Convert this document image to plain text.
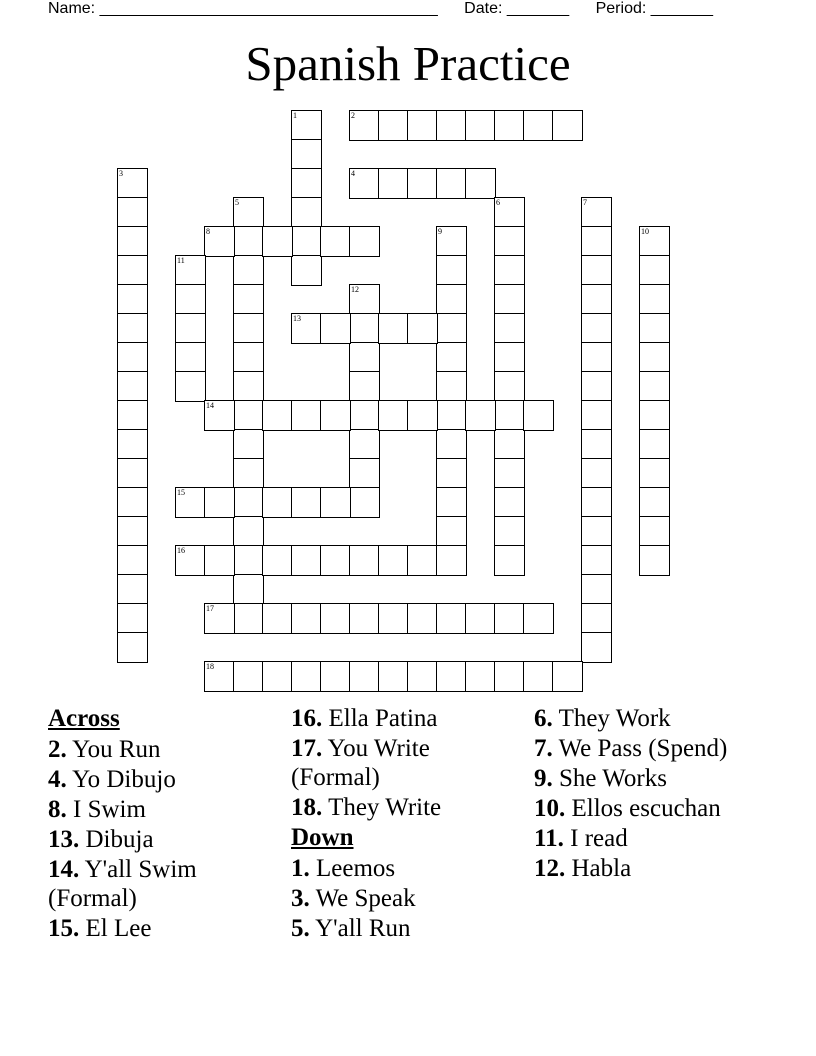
Name: ______________________________________ Date: _______ Period: _______
Spanish Practice
1	2
3	4
5	6	7
8	9	10
11
12
13
14
15
16
17
18
Across
2. You Run
4. Yo Dibujo
8. I Swim
13. Dibuja
14. Y'all Swim (Formal)
15. El Lee
16. Ella Patina
17. You Write (Formal)
18. They Write
Down
1. Leemos
3. We Speak
5. Y'all Run
6. They Work
7. We Pass (Spend)
9. She Works
10. Ellos escuchan
11. I read
12. Habla
